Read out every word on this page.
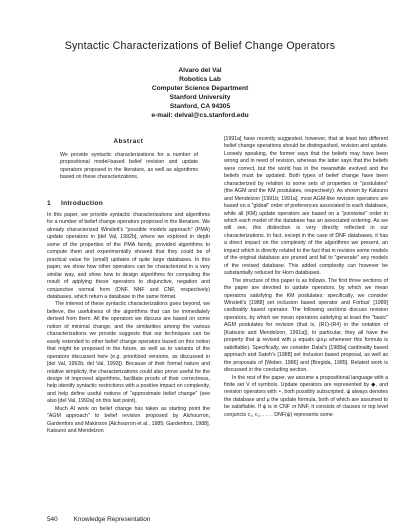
Syntactic Characterizations of Belief Change Operators
Alvaro del Val
Robotics Lab
Computer Science Department
Stanford University
Stanford, CA 94305
e-mail: delval@cs.stanford.edu
Abstract
We provide syntactic characterizations for a number of propositional model-based belief revision and update operators proposed in the literature, as well as algorithms based on these characterizations.
1 Introduction

In this paper, we provide syntactic characterizations and algorithms for a number of belief change operators proposed in the literature. We already characterized Winslett's "possible models approach" (PMA) update operators in [del Val, 1992b], where we explored in depth some of the properties of the PMA family, provided algorithms to compute them and experimentally showed that they could be of practical value for (small) updates of quite large databases. In this paper, we show how other operators can be characterized in a very similar way, and show how to design algorithms for computing the result of applying these operators to disjunctive, negation and conjunctive normal form (DNF, NNF and CNF, respectively) databases, which return a database in the same format.

The interest of these syntactic characterizations goes beyond, we believe, the usefulness of the algorithms that can be immediately derived from them. All the operators we discuss are based on some notion of minimal change, and the similarities among the various characterizations we provide suggests that our techniques can be easily extended to other belief change operators based on this notion that might be proposed in the future, as well as to variants of the operators discussed here (e.g. prioritized versions, as discussed in [del Val, 1992b; del Val, 1993]). Because of their formal nature and relative simplicity, the characterizations could also prove useful for the design of improved algorithms, facilitate proofs of their correctness, help identify syntactic restrictions with a positive impact on complexity, and help define useful notions of "approximate belief change" (see also [del Val, 1992a] on this last point).

Much AI work on belief change has taken as starting point the "AGM approach" to belief revision proposed by Alchourron, Gardenfors and Makinson [Alchourron et al., 1985; Gardenfors, 1988]. Katsuno and Mendelzon

[1991a] have recently suggested, however, that at least two different belief change operations should be distinguished, revision and update. Loosely speaking, the former says that the beliefs may have been wrong and in need of revision, whereas the latter says that the beliefs were correct, but the world has in the meanwhile evolved and the beliefs must be updated. Both types of belief change have been characterized by relation to some sets of properties or "postulates" (the AGM and the KM postulates, respectively). As shown by Katsuno and Mendelzon [1991b; 1991a], most AGM-like revision operators are based on a "global" order of preferences associated to each database, while all (KM) update operators are based on a "pointwise" order in which each model of the database has an associated ordering. As we will see, this distinction is very directly reflected in our characterizations. In fact, except in the case of DNF databases, it has a direct impact on the complexity of the algorithms we present, an impact which is directly related to the fact that in revision some models of the original database are pruned and fail to "generate" any models of the revised database. This added complexity can however be substantially reduced for Horn databases.

The structure of this paper is as follows. The first three sections of the paper are devoted to update operators, by which we mean operators satisfying the KM postulates; specifically, we consider Winslett's [1988] set inclusion based operator and Forbus' [1989] cardinality based operator. The following sections discuss revision operators, by which we mean operators satisfying at least the "basic" AGM postulates for revision (that is, (R1)-(R4) in the notation of [Katsuno and Mendelzon, 1991a]). In particular, they all have the property that ψ revised with μ equals ψ∧μ whenever this formula is satisfiable). Specifically, we consider Dalal's [1988a] cardinality based approach and Satoh's [1988] set inclusion based proposal, as well as the proposals of [Weber, 1986] and [Borgida, 1985]. Related work is discussed in the concluding section.

In the rest of the paper, we assume a propositional language with a finite set V of symbols. Update operators are represented by ◆, and revision operators with ∘, both possibly subscripted. ψ always denotes the database and μ the update formula, both of which are assumed to be satisfiable. If ψ is in CNF or NNF, it consists of clauses or top level conjuncts c₁, c₂, . . . . DNF(ψ) represents some

540	Knowledge Representation
